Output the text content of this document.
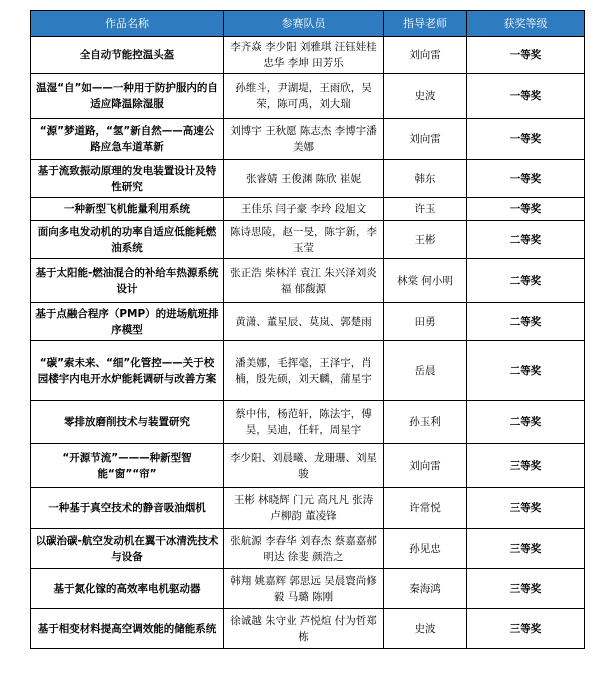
作品名称	参赛队员	指导老师	获奖等级
全自动节能控温头盔	李齐焱 李少阳 刘雅琪 汪钰娃桂忠华 李坤 田芳乐	刘向雷	一等奖
温湿“自”如——一种用于防护服内的自适应降温除湿服	孙维斗，尹湖堤，王雨欣，吴荣，陈可禹，刘大瑞	史波	一等奖
“源”梦道路，“氢”新自然——高速公路应急车道革新	刘博宇 王秋愿 陈志杰 李博宇潘美娜	刘向雷	一等奖
基于流致振动原理的发电装置设计及特性研究	张睿婧 王俊渊 陈欣 崔妮	韩东	一等奖
一种新型飞机能量利用系统	王佳乐 闫子豪 李玲 段旭文	许玉	一等奖
面向多电发动机的功率自适应低能耗燃油系统	陈诗思陵，赵一旻，陈宇新，李玉莹	王彬	二等奖
基于太阳能-燃油混合的补给车热源系统设计	张正浩 柴林洋 袁江 朱兴泽刘炎福 郁馥源	林棠 何小明	二等奖
基于点融合程序（PMP）的进场航班排序模型	黄潇、董星辰、莫岚、郭楚雨	田勇	二等奖
“碳”索未来、“细”化管控——关于校园楼宇内电开水炉能耗调研与改善方案	潘美娜，毛挥毫，王泽宇，肖楠，殷先硕，刘天麟，蒲星宇	岳晨	二等奖
零排放磨削技术与装置研究	蔡中伟，杨范轩，陈法宇，傅昊，吴迪，任轩，周星宇	孙玉利	二等奖
“开源节流”———种新型智能“窗”“帘”	李少阳、刘晨曦、龙珊珊、刘星骏	刘向雷	三等奖
一种基于真空技术的静音吸油烟机	王彬 林晓辉 门元 高凡凡 张涛 卢柳韵 董凌锋	许常悦	三等奖
以碳治碳-航空发动机在翼干冰清洗技术与设备	张航源 李春华 刘春杰 蔡嘉嘉郝明达 徐斐 颜浩之	孙见忠	三等奖
基于氮化镓的高效率电机驱动器	韩翔 姚嘉辉 郭思远 吴晨寰尚修毅 马璐 陈刚	秦海鸿	三等奖
基于相变材料提高空调效能的储能系统	徐诚越 朱守业 芦悦煊 付为哲郑栋	史波	三等奖
